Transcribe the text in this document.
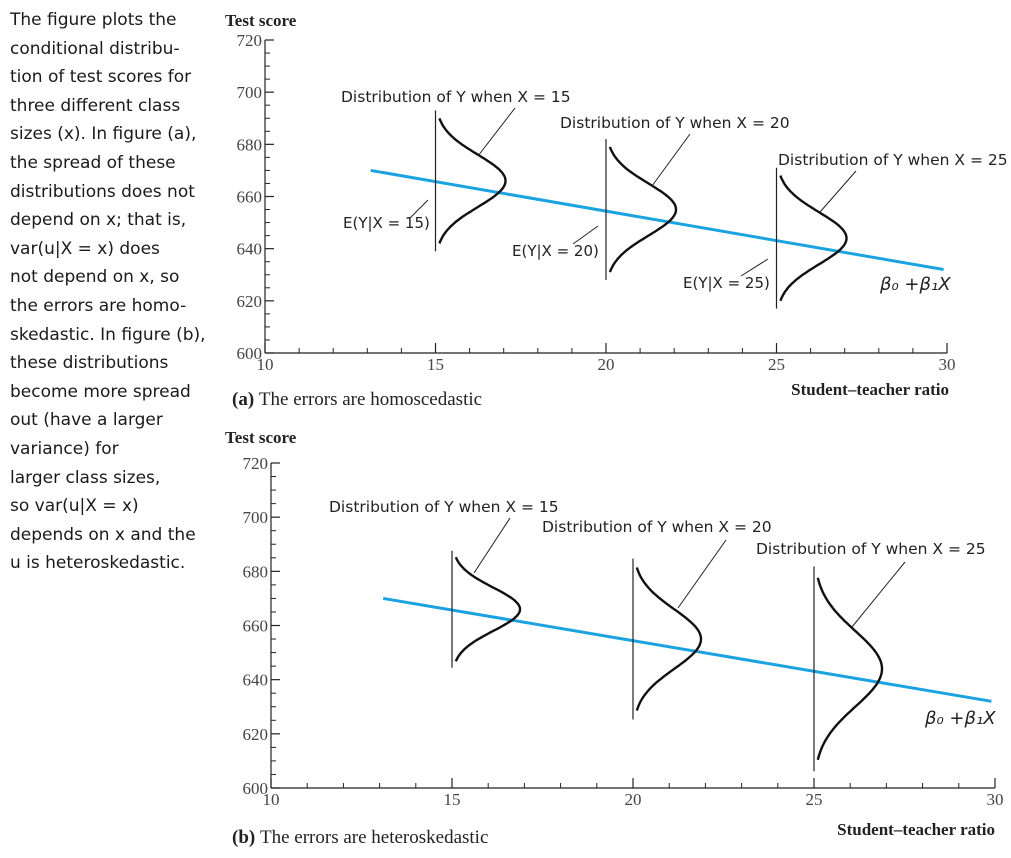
The figure plots the
conditional distribu-
tion of test scores for
three different class
sizes (x). In figure (a),
the spread of these
distributions does not
depend on x; that is,
var(u|X = x) does
not depend on x, so
the errors are homo-
skedastic. In figure (b),
these distributions
become more spread
out (have a larger
variance) for
larger class sizes,
so var(u|X = x)
depends on x and the
u is heteroskedastic.
600
620
640
660
680
700
720
10	15	20	25	30
Test score
Student–teacher ratio
(a) The errors are homoscedastic
β₀ +β₁X
Distribution of Y when X = 15
E(Y|X = 15)
Distribution of Y when X = 20
E(Y|X = 20)
Distribution of Y when X = 25
E(Y|X = 25)
600
620
640
660
680
700
720
10	15	20	25	30
Test score
Student–teacher ratio
(b) The errors are heteroskedastic
β₀ +β₁X
Distribution of Y when X = 15
Distribution of Y when X = 20
Distribution of Y when X = 25
